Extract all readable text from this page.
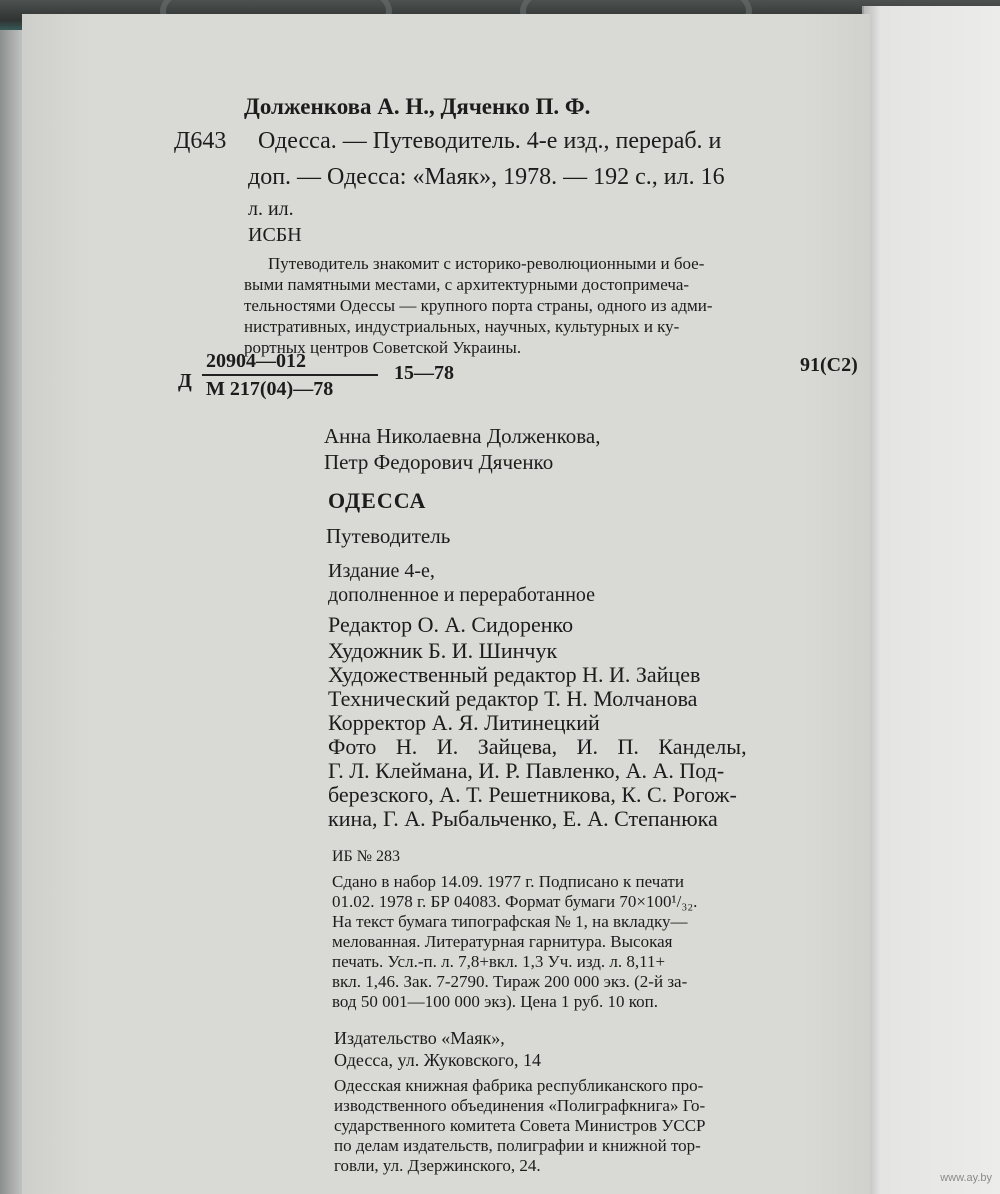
Долженкова А. Н., Дяченко П. Ф.
Д643 Одесса. — Путеводитель. 4-е изд., перераб. и
доп. — Одесса: «Маяк», 1978. — 192 с., ил. 16
л. ил.
ИСБН
Путеводитель знакомит с историко-революционными и бое-
выми памятными местами, с архитектурными достопримеча-
тельностями Одессы — крупного порта страны, одного из адми-
нистративных, индустриальных, научных, культурных и ку-
рортных центров Советской Украины.
Д
20904—012
М 217(04)—78
15—78	91(С2)
Анна Николаевна Долженкова,
Петр Федорович Дяченко
ОДЕССА
Путеводитель
Издание 4-е,
дополненное и переработанное
Редактор О. А. Сидоренко
Художник Б. И. Шинчук
Художественный редактор Н. И. Зайцев
Технический редактор Т. Н. Молчанова
Корректор А. Я. Литинецкий
Фото Н. И. Зайцева, И. П. Канделы,
Г. Л. Клеймана, И. Р. Павленко, А. А. Под-
березского, А. Т. Решетникова, К. С. Рогож-
кина, Г. А. Рыбальченко, Е. А. Степанюка
ИБ № 283
Сдано в набор 14.09. 1977 г. Подписано к печати
01.02. 1978 г. БР 04083. Формат бумаги 70×100¹/₃₂.
На текст бумага типографская № 1, на вкладку—
мелованная. Литературная гарнитура. Высокая
печать. Усл.-п. л. 7,8+вкл. 1,3 Уч. изд. л. 8,11+
вкл. 1,46. Зак. 7-2790. Тираж 200 000 экз. (2-й за-
вод 50 001—100 000 экз). Цена 1 руб. 10 коп.
Издательство «Маяк»,
Одесса, ул. Жуковского, 14
Одесская книжная фабрика республиканского про-
изводственного объединения «Полиграфкнига» Го-
сударственного комитета Совета Министров УССР
по делам издательств, полиграфии и книжной тор-
говли, ул. Дзержинского, 24.
www.ay.by
